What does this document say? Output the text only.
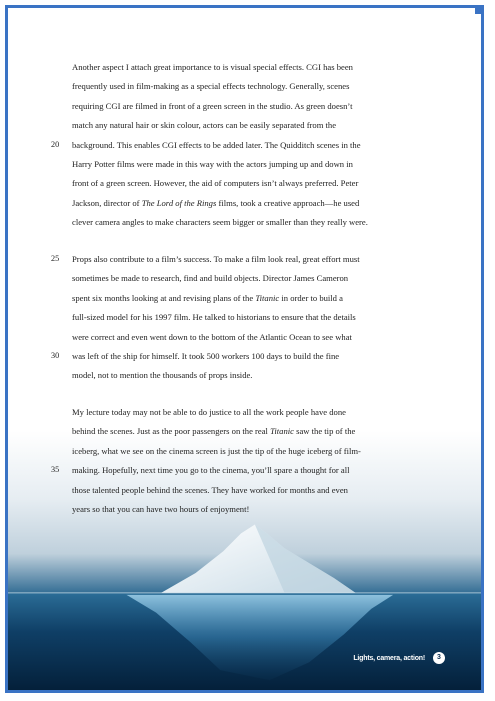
Another aspect I attach great importance to is visual special effects. CGI has been
frequently used in film-making as a special effects technology. Generally, scenes
requiring CGI are filmed in front of a green screen in the studio. As green doesn’t
match any natural hair or skin colour, actors can be easily separated from the
background. This enables CGI effects to be added later. The Quidditch scenes in the
20
Harry Potter films were made in this way with the actors jumping up and down in
front of a green screen. However, the aid of computers isn’t always preferred. Peter
Jackson, director of The Lord of the Rings films, took a creative approach—he used
clever camera angles to make characters seem bigger or smaller than they really were.
Props also contribute to a film’s success. To make a film look real, great effort must
25
sometimes be made to research, find and build objects. Director James Cameron
spent six months looking at and revising plans of the Titanic in order to build a
full-sized model for his 1997 film. He talked to historians to ensure that the details
were correct and even went down to the bottom of the Atlantic Ocean to see what
was left of the ship for himself. It took 500 workers 100 days to build the fine
30
model, not to mention the thousands of props inside.
My lecture today may not be able to do justice to all the work people have done
behind the scenes. Just as the poor passengers on the real Titanic saw the tip of the
iceberg, what we see on the cinema screen is just the tip of the huge iceberg of film-
making. Hopefully, next time you go to the cinema, you’ll spare a thought for all
35
those talented people behind the scenes. They have worked for months and even
years so that you can have two hours of enjoyment!
Lights, camera, action!	3
